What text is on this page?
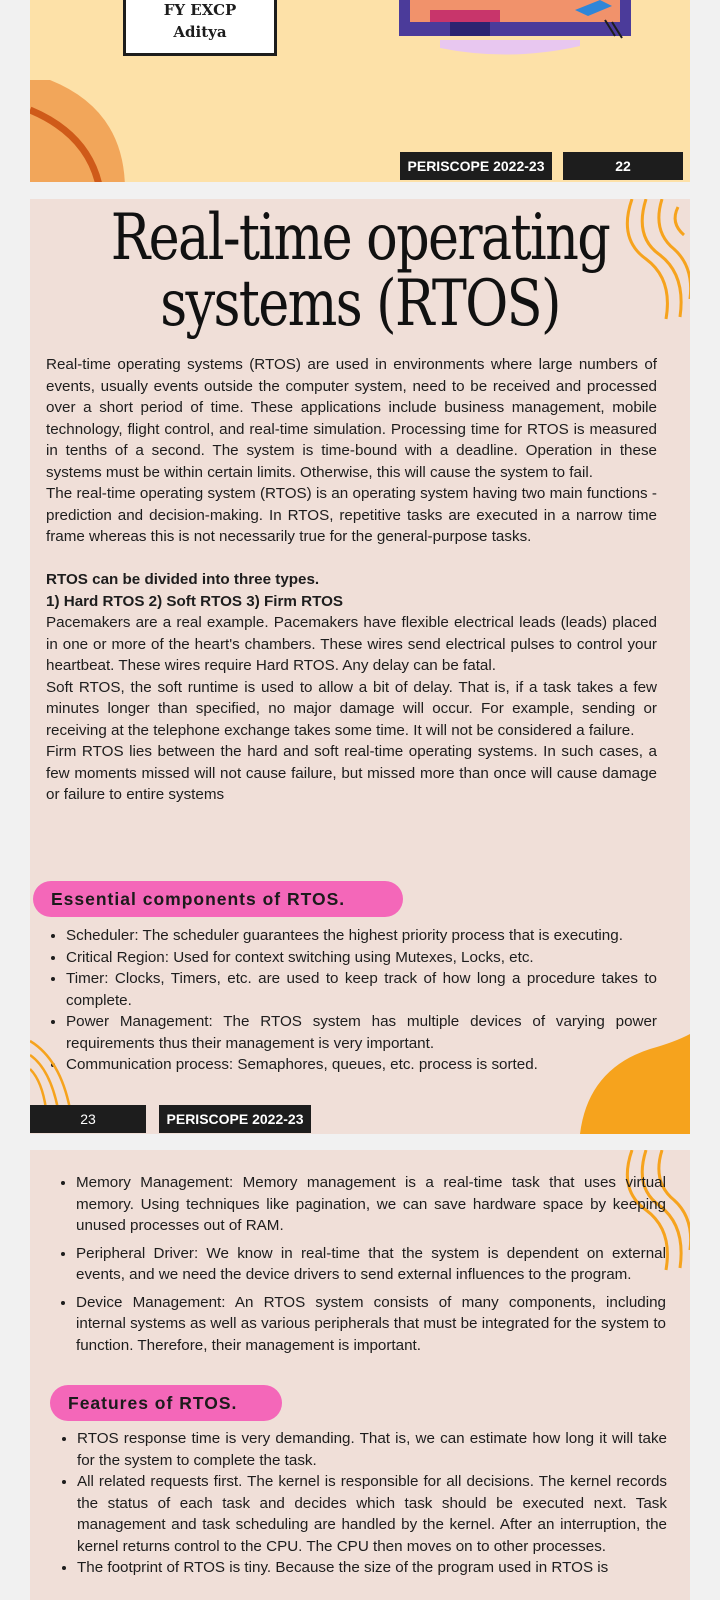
FY EXCP
Aditya
PERISCOPE 2022-23	22
Real-time operating
systems (RTOS)

Real-time operating systems (RTOS) are used in environments where large numbers of events, usually events outside the computer system, need to be received and processed over a short period of time. These applications include business management, mobile technology, flight control, and real-time simulation. Processing time for RTOS is measured in tenths of a second. The system is time-bound with a deadline. Operation in these systems must be within certain limits. Otherwise, this will cause the system to fail.

The real-time operating system (RTOS) is an operating system having two main functions - prediction and decision-making. In RTOS, repetitive tasks are executed in a narrow time frame whereas this is not necessarily true for the general-purpose tasks.

RTOS can be divided into three types.

1) Hard RTOS 2) Soft RTOS 3) Firm RTOS

Pacemakers are a real example. Pacemakers have flexible electrical leads (leads) placed in one or more of the heart's chambers. These wires send electrical pulses to control your heartbeat. These wires require Hard RTOS. Any delay can be fatal.

Soft RTOS, the soft runtime is used to allow a bit of delay. That is, if a task takes a few minutes longer than specified, no major damage will occur. For example, sending or receiving at the telephone exchange takes some time. It will not be considered a failure.

Firm RTOS lies between the hard and soft real-time operating systems. In such cases, a few moments missed will not cause failure, but missed more than once will cause damage or failure to entire systems

Essential components of RTOS.
• Scheduler: The scheduler guarantees the highest priority process that is executing.
• Critical Region: Used for context switching using Mutexes, Locks, etc.
• Timer: Clocks, Timers, etc. are used to keep track of how long a procedure takes to complete.
• Power Management: The RTOS system has multiple devices of varying power requirements thus their management is very important.
• Communication process: Semaphores, queues, etc. process is sorted.
23	PERISCOPE 2022-23
• Memory Management: Memory management is a real-time task that uses virtual memory. Using techniques like pagination, we can save hardware space by keeping unused processes out of RAM.
• Peripheral Driver: We know in real-time that the system is dependent on external events, and we need the device drivers to send external influences to the program.
• Device Management: An RTOS system consists of many components, including internal systems as well as various peripherals that must be integrated for the system to function. Therefore, their management is important.
Features of RTOS.
• RTOS response time is very demanding. That is, we can estimate how long it will take for the system to complete the task.
• All related requests first. The kernel is responsible for all decisions. The kernel records the status of each task and decides which task should be executed next. Task management and task scheduling are handled by the kernel. After an interruption, the kernel returns control to the CPU. The CPU then moves on to other processes.
• The footprint of RTOS is tiny. Because the size of the program used in RTOS is
